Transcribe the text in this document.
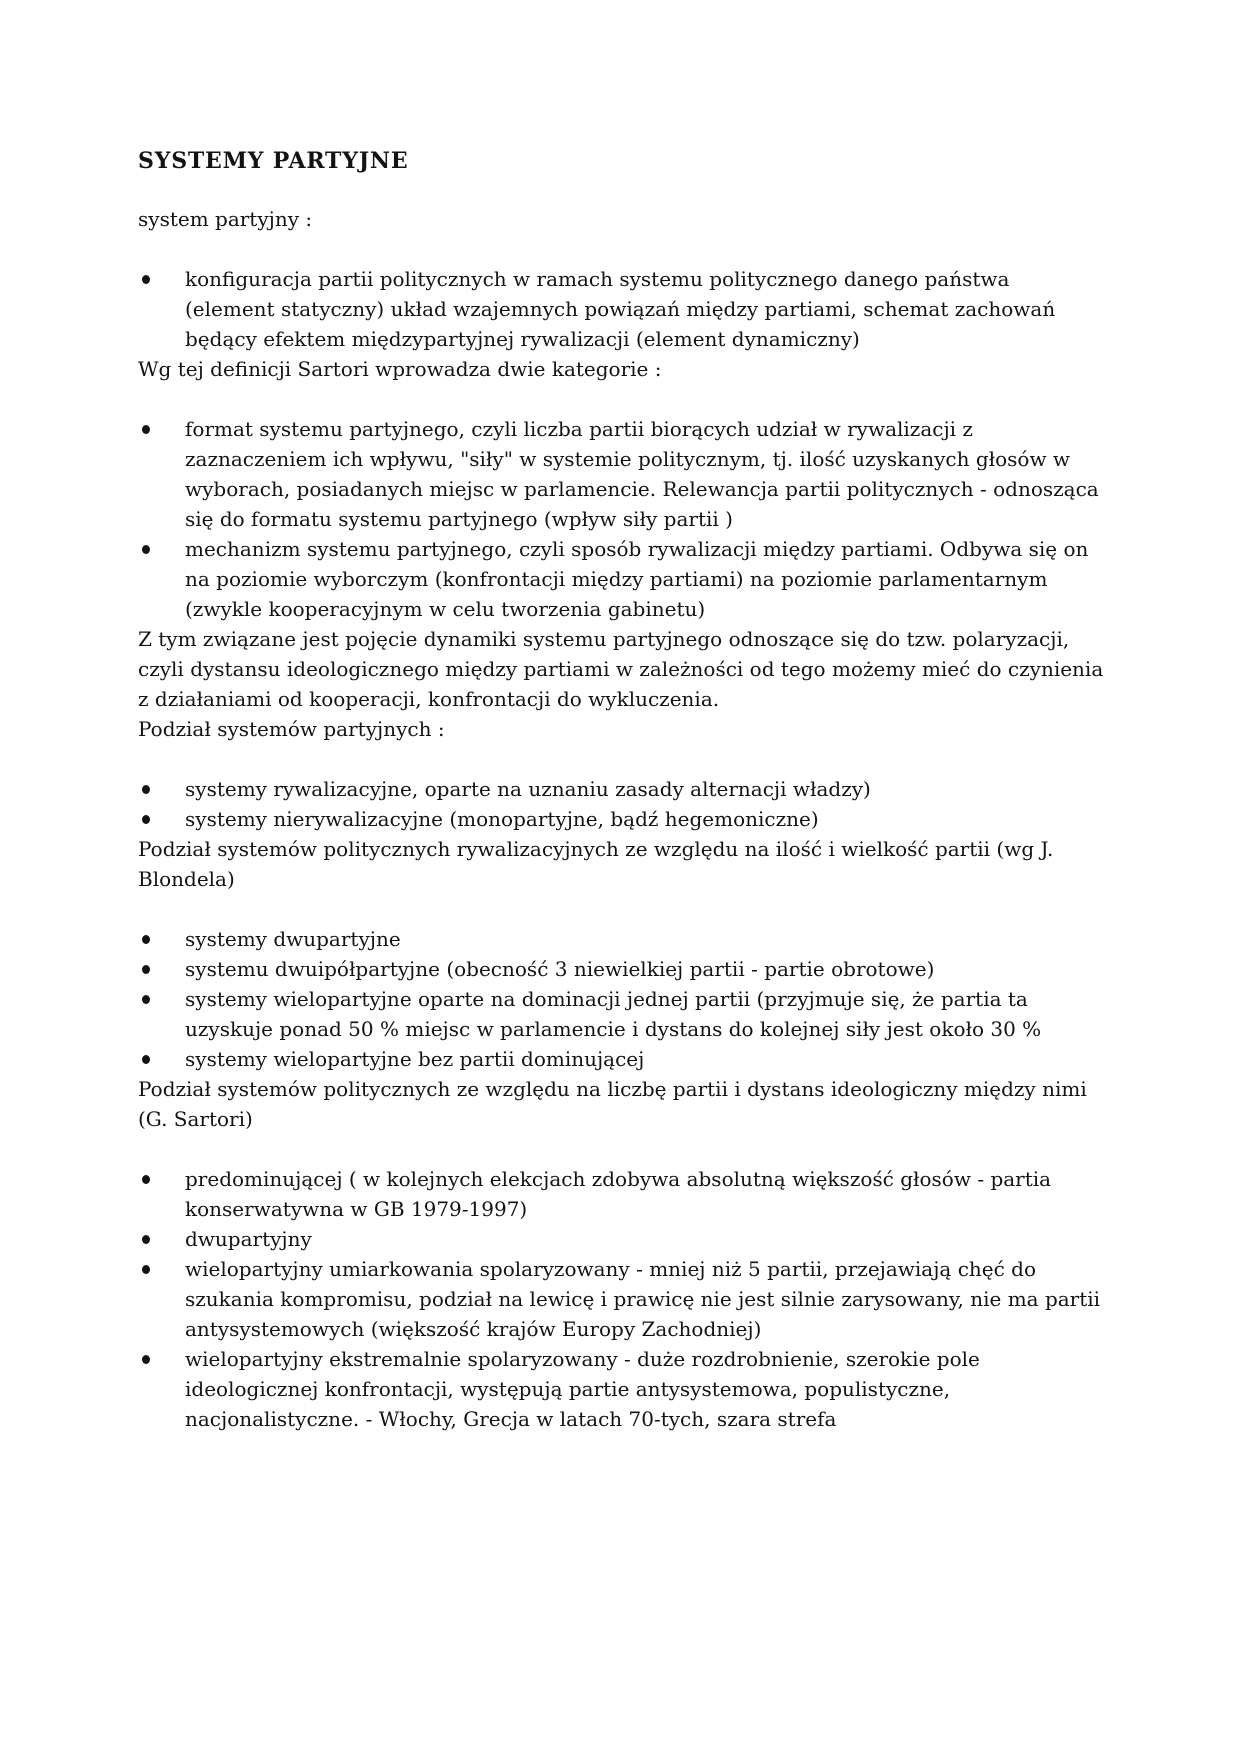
SYSTEMY PARTYJNE

system partyjny :

konfiguracja partii politycznych w ramach systemu politycznego danego państwa (element statyczny) układ wzajemnych powiązań między partiami, schemat zachowań będący efektem międzypartyjnej rywalizacji (element dynamiczny)

Wg tej definicji Sartori wprowadza dwie kategorie :

format systemu partyjnego, czyli liczba partii biorących udział w rywalizacji z zaznaczeniem ich wpływu, "siły" w systemie politycznym, tj. ilość uzyskanych głosów w wyborach, posiadanych miejsc w parlamencie. Relewancja partii politycznych - odnosząca się do formatu systemu partyjnego (wpływ siły partii )
mechanizm systemu partyjnego, czyli sposób rywalizacji między partiami. Odbywa się on na poziomie wyborczym (konfrontacji między partiami) na poziomie parlamentarnym (zwykle kooperacyjnym w celu tworzenia gabinetu)

Z tym związane jest pojęcie dynamiki systemu partyjnego odnoszące się do tzw. polaryzacji, czyli dystansu ideologicznego między partiami w zależności od tego możemy mieć do czynienia z działaniami od kooperacji, konfrontacji do wykluczenia.

Podział systemów partyjnych :

systemy rywalizacyjne, oparte na uznaniu zasady alternacji władzy)
systemy nierywalizacyjne (monopartyjne, bądź hegemoniczne)

Podział systemów politycznych rywalizacyjnych ze względu na ilość i wielkość partii (wg J. Blondela)

systemy dwupartyjne
systemu dwuipółpartyjne (obecność 3 niewielkiej partii - partie obrotowe)
systemy wielopartyjne oparte na dominacji jednej partii (przyjmuje się, że partia ta uzyskuje ponad 50 % miejsc w parlamencie i dystans do kolejnej siły jest około 30 %
systemy wielopartyjne bez partii dominującej

Podział systemów politycznych ze względu na liczbę partii i dystans ideologiczny między nimi (G. Sartori)

predominującej ( w kolejnych elekcjach zdobywa absolutną większość głosów - partia konserwatywna w GB 1979-1997)
dwupartyjny
wielopartyjny umiarkowania spolaryzowany - mniej niż 5 partii, przejawiają chęć do szukania kompromisu, podział na lewicę i prawicę nie jest silnie zarysowany, nie ma partii antysystemowych (większość krajów Europy Zachodniej)
wielopartyjny ekstremalnie spolaryzowany - duże rozdrobnienie, szerokie pole ideologicznej konfrontacji, występują partie antysystemowa, populistyczne, nacjonalistyczne. - Włochy, Grecja w latach 70-tych, szara strefa
